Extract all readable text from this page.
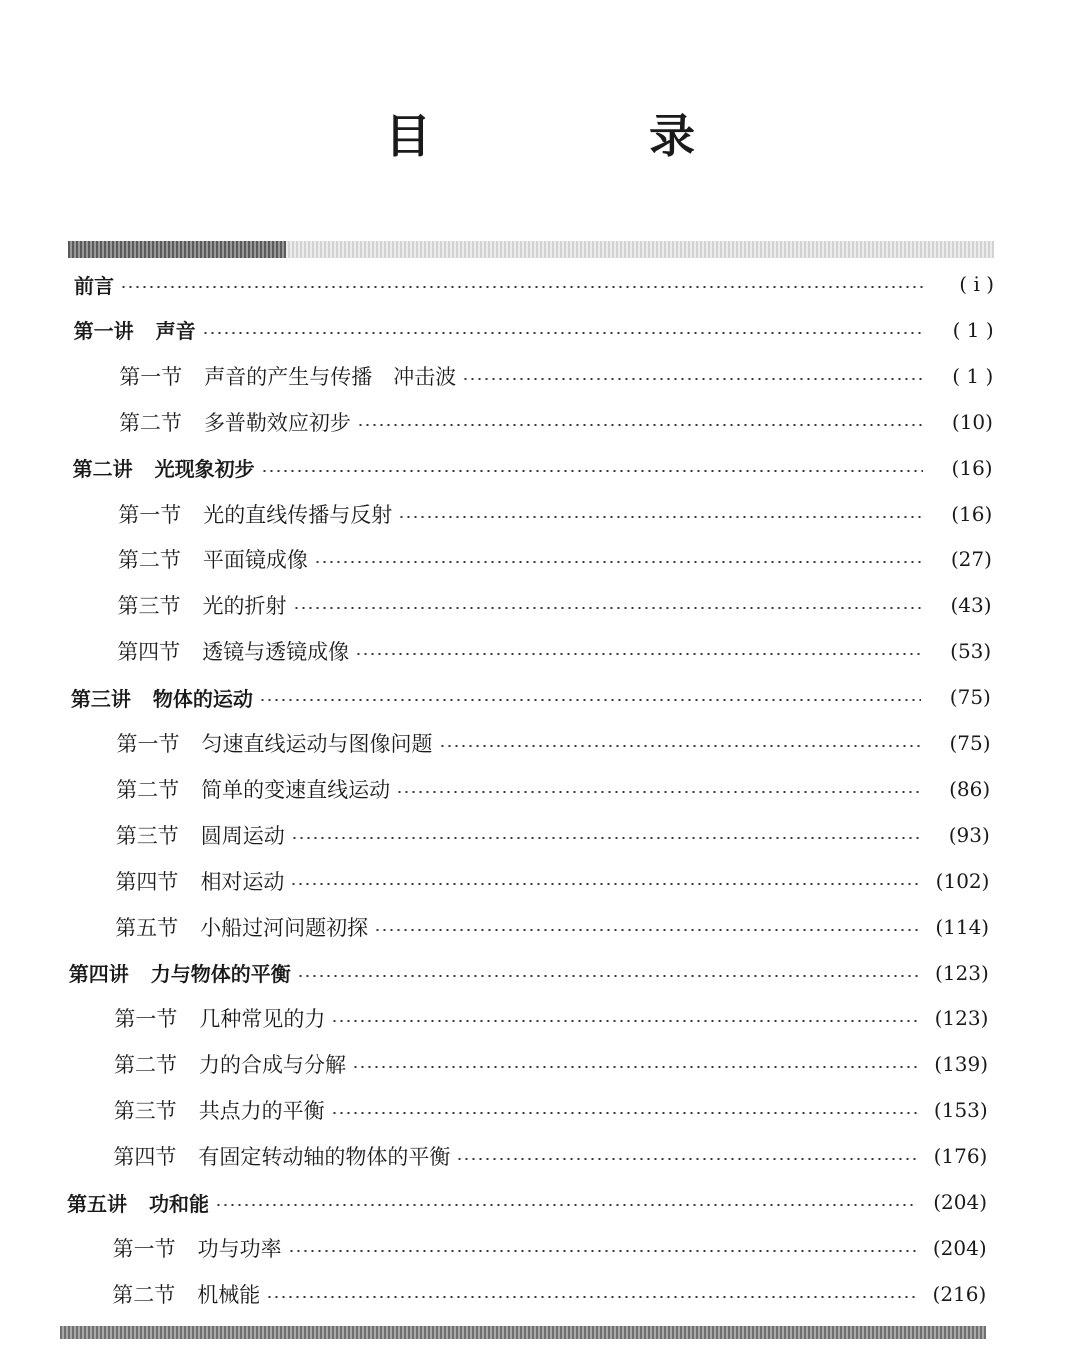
目　录
前言	( ⅰ )
第一讲 声音	( 1 )
第一节 声音的产生与传播　冲击波	( 1 )
第二节 多普勒效应初步	(10)
第二讲 光现象初步	(16)
第一节 光的直线传播与反射	(16)
第二节 平面镜成像	(27)
第三节 光的折射	(43)
第四节 透镜与透镜成像	(53)
第三讲 物体的运动	(75)
第一节 匀速直线运动与图像问题	(75)
第二节 简单的变速直线运动	(86)
第三节 圆周运动	(93)
第四节 相对运动	(102)
第五节 小船过河问题初探	(114)
第四讲 力与物体的平衡	(123)
第一节 几种常见的力	(123)
第二节 力的合成与分解	(139)
第三节 共点力的平衡	(153)
第四节 有固定转动轴的物体的平衡	(176)
第五讲 功和能	(204)
第一节 功与功率	(204)
第二节 机械能	(216)
